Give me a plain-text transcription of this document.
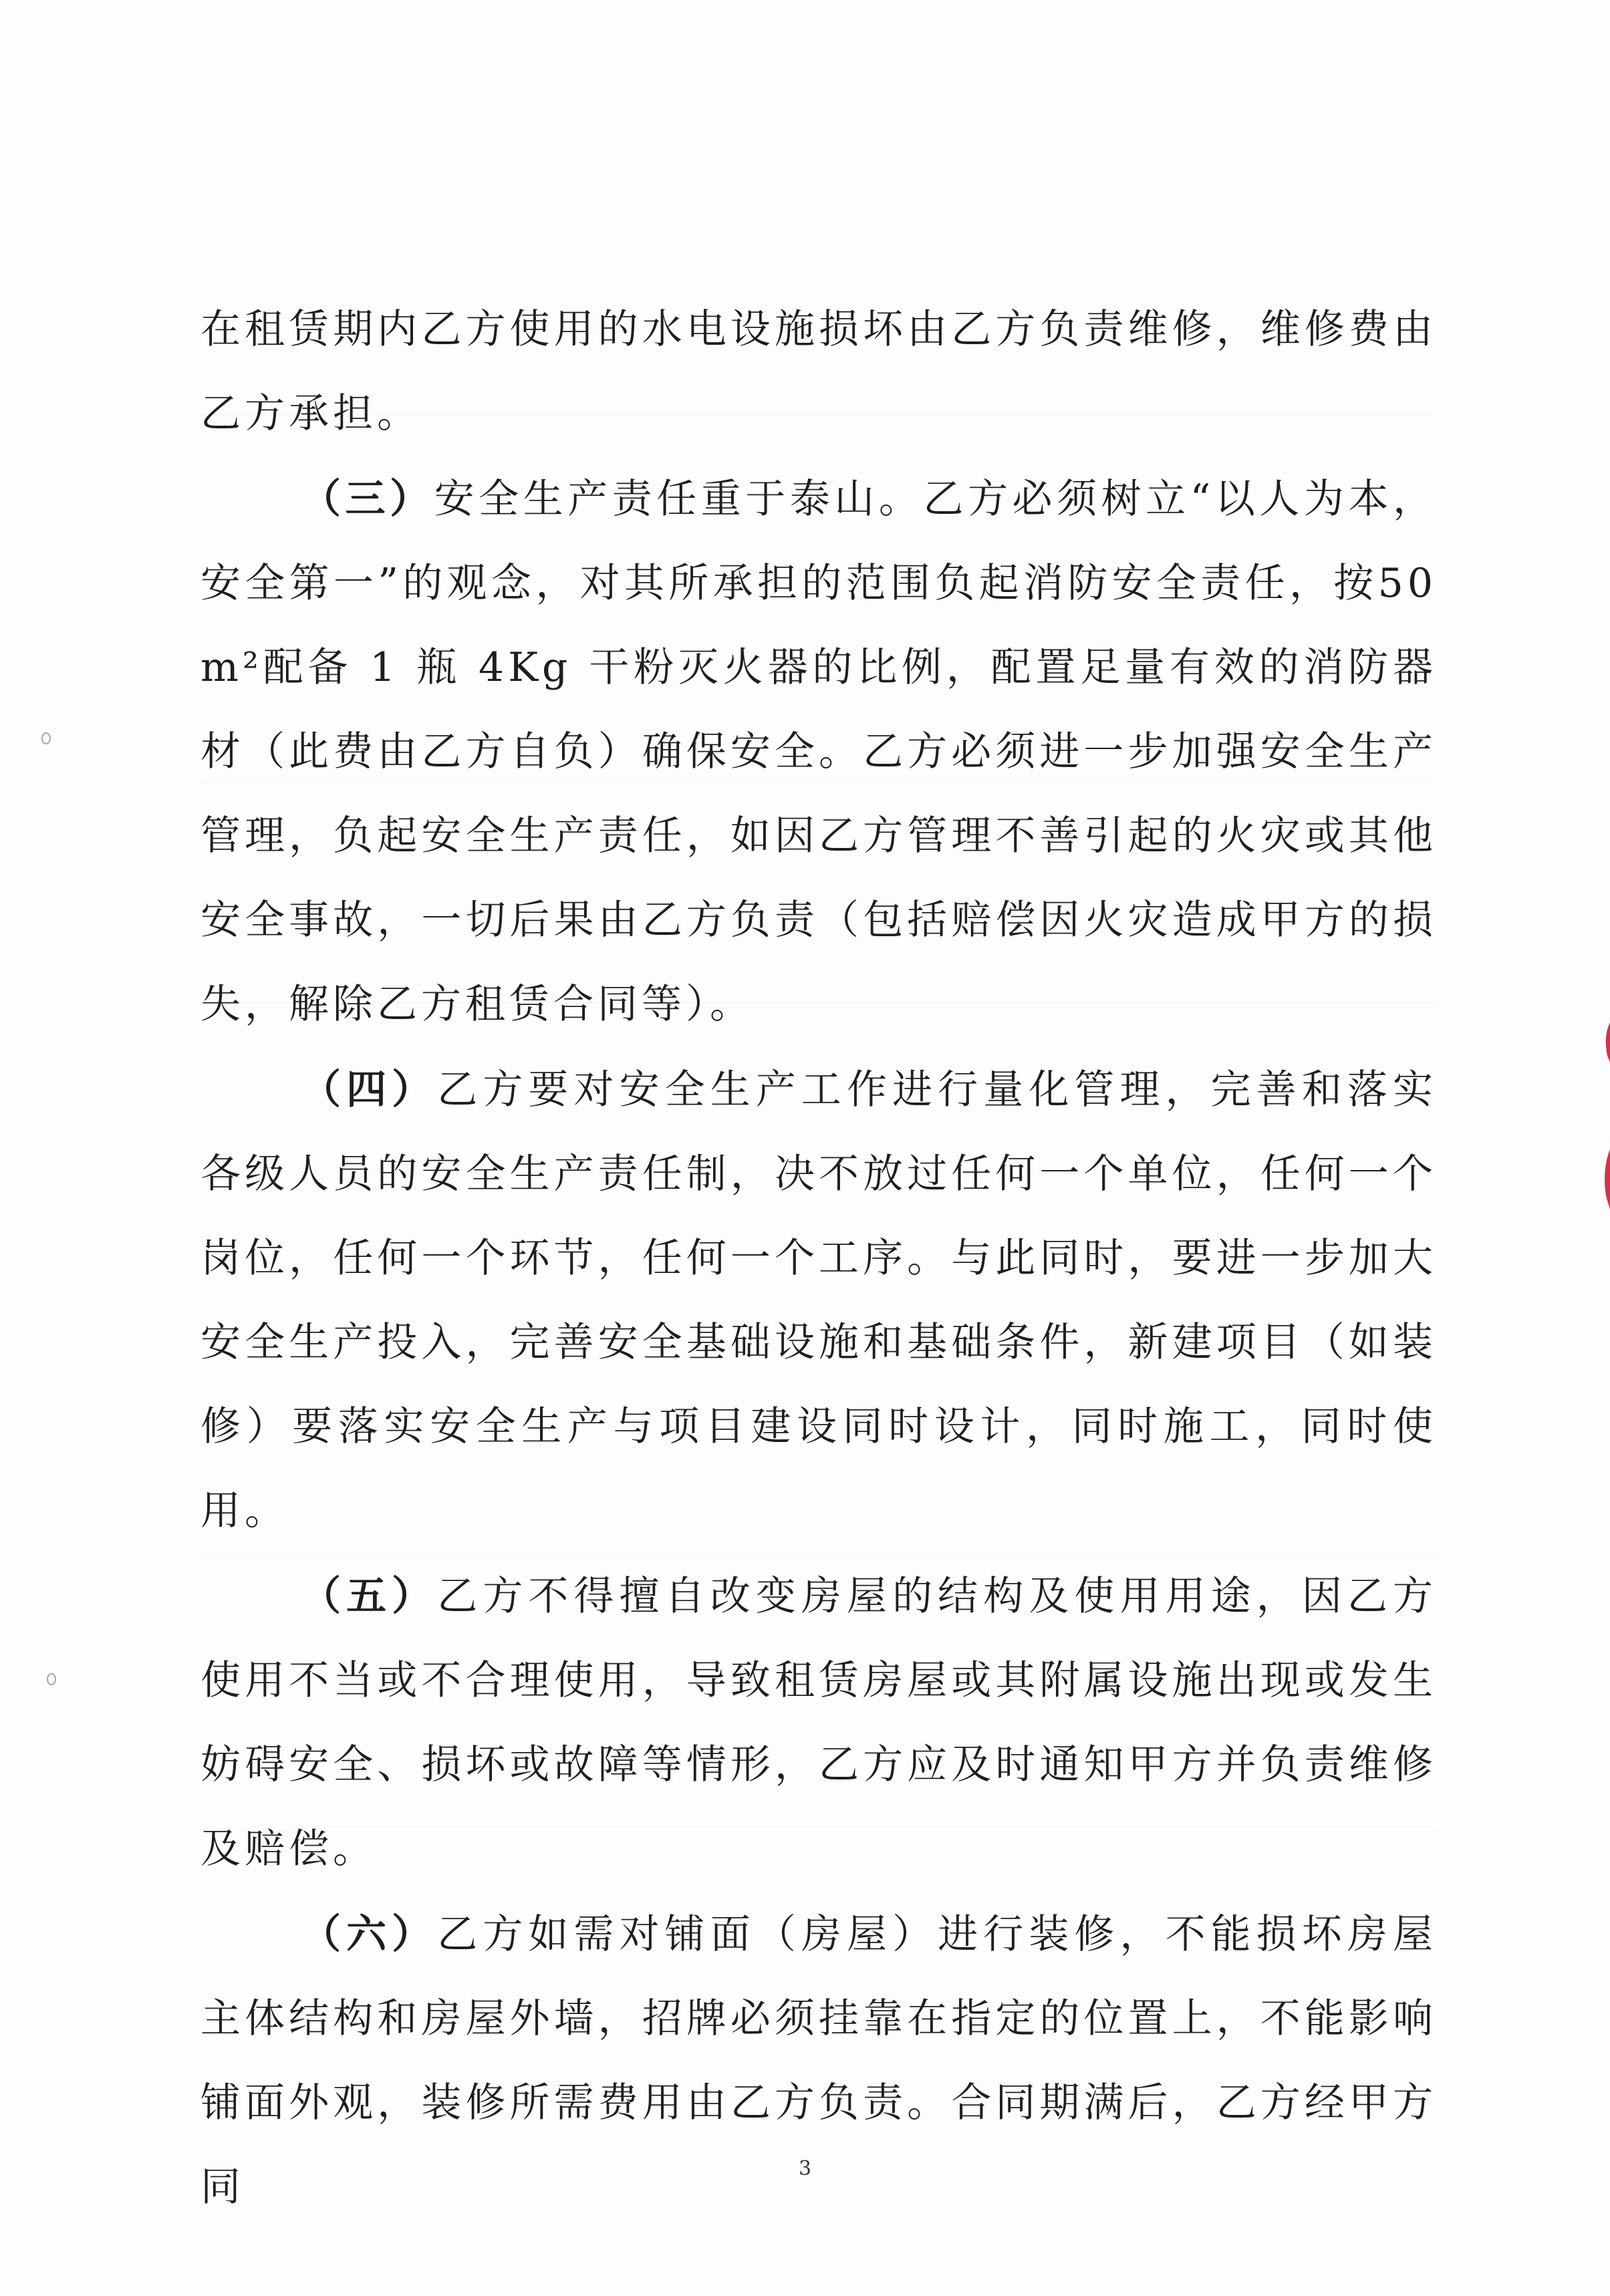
在租赁期内乙方使用的水电设施损坏由乙方负责维修，维修费由乙方承担。

（三）安全生产责任重于泰山。乙方必须树立“以人为本，安全第一”的观念，对其所承担的范围负起消防安全责任，按50m²配备 1 瓶 4Kg 干粉灭火器的比例，配置足量有效的消防器材（此费由乙方自负）确保安全。乙方必须进一步加强安全生产管理，负起安全生产责任，如因乙方管理不善引起的火灾或其他安全事故，一切后果由乙方负责（包括赔偿因火灾造成甲方的损失，解除乙方租赁合同等）。

（四）乙方要对安全生产工作进行量化管理，完善和落实各级人员的安全生产责任制，决不放过任何一个单位，任何一个岗位，任何一个环节，任何一个工序。与此同时，要进一步加大安全生产投入，完善安全基础设施和基础条件，新建项目（如装修）要落实安全生产与项目建设同时设计，同时施工，同时使用。

（五）乙方不得擅自改变房屋的结构及使用用途，因乙方使用不当或不合理使用，导致租赁房屋或其附属设施出现或发生妨碍安全、损坏或故障等情形，乙方应及时通知甲方并负责维修及赔偿。

（六）乙方如需对铺面（房屋）进行装修，不能损坏房屋主体结构和房屋外墙，招牌必须挂靠在指定的位置上，不能影响铺面外观，装修所需费用由乙方负责。合同期满后，乙方经甲方同	3
